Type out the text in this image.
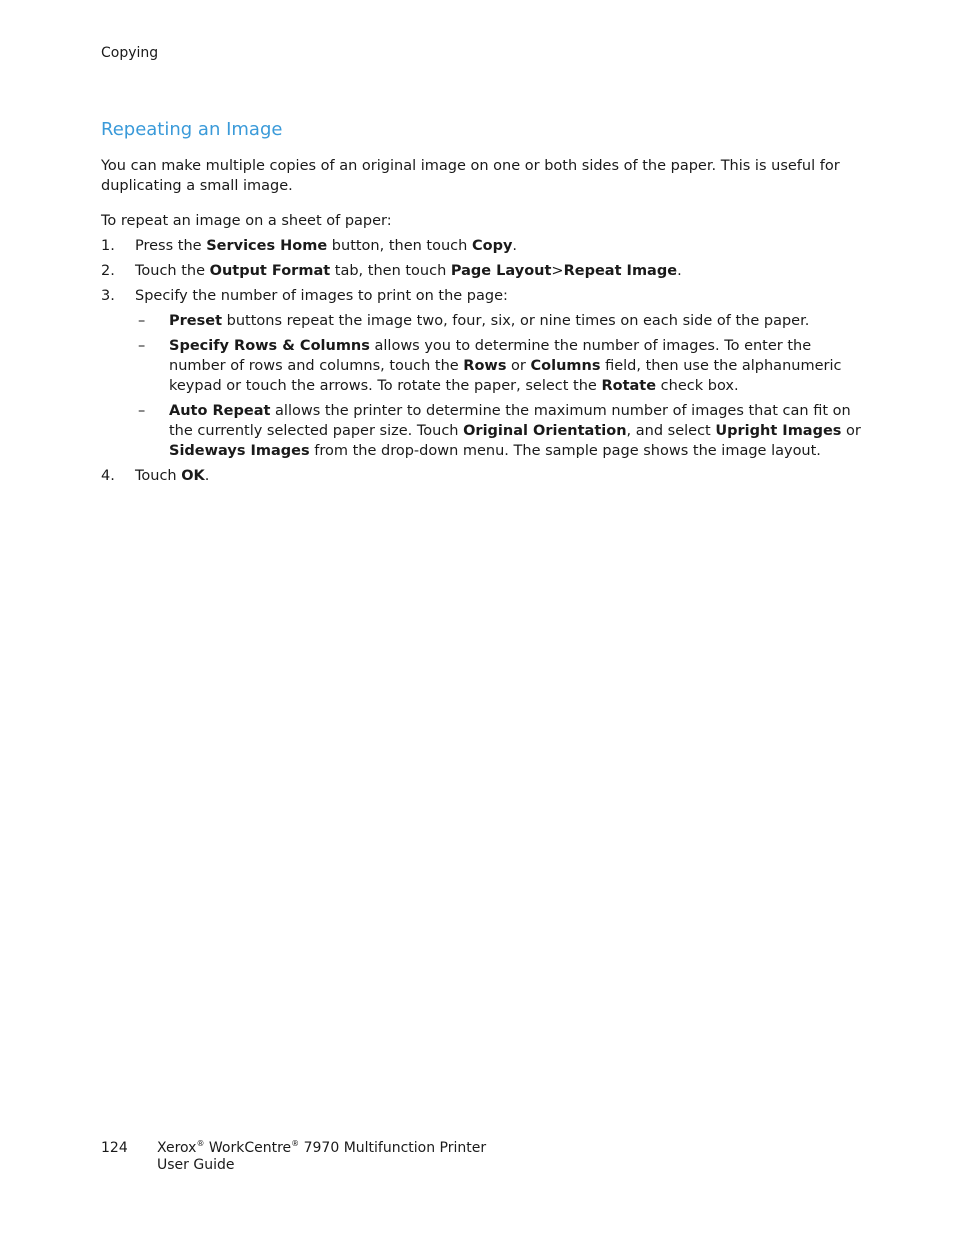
Copying
Repeating an Image

You can make multiple copies of an original image on one or both sides of the paper. This is useful for duplicating a small image.

To repeat an image on a sheet of paper:

1. Press the Services Home button, then touch Copy.
2. Touch the Output Format tab, then touch Page Layout>Repeat Image.
3. Specify the number of images to print on the page:
– Preset buttons repeat the image two, four, six, or nine times on each side of the paper.
– Specify Rows & Columns allows you to determine the number of images. To enter the number of rows and columns, touch the Rows or Columns field, then use the alphanumeric keypad or touch the arrows. To rotate the paper, select the Rotate check box.
– Auto Repeat allows the printer to determine the maximum number of images that can fit on the currently selected paper size. Touch Original Orientation, and select Upright Images or Sideways Images from the drop-down menu. The sample page shows the image layout.
4. Touch OK.
124 Xerox® WorkCentre® 7970 Multifunction Printer
User Guide
